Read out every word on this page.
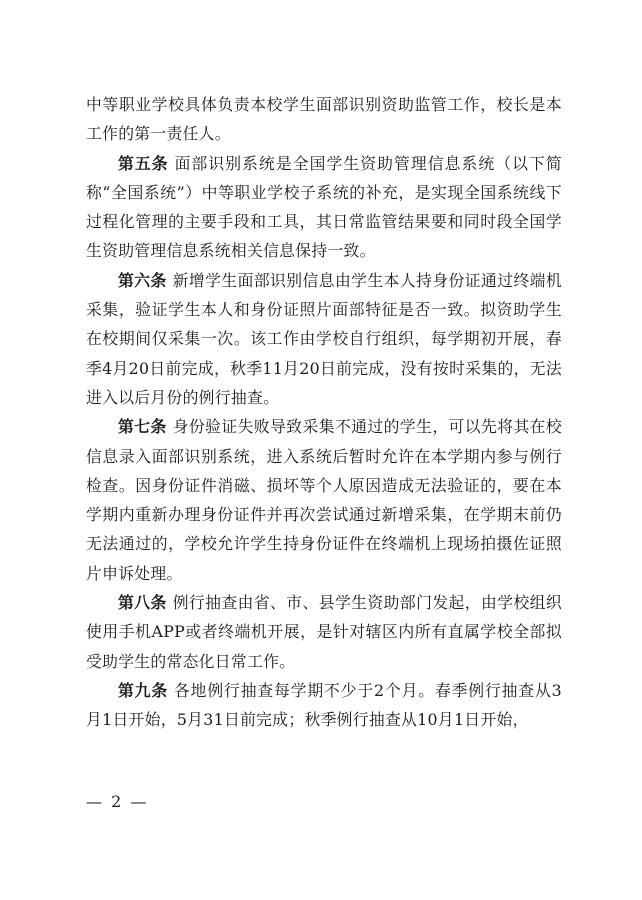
中等职业学校具体负责本校学生面部识别资助监管工作，校长是本工作的第一责任人。

第五条 面部识别系统是全国学生资助管理信息系统（以下简称“全国系统”）中等职业学校子系统的补充，是实现全国系统线下过程化管理的主要手段和工具，其日常监管结果要和同时段全国学生资助管理信息系统相关信息保持一致。

第六条 新增学生面部识别信息由学生本人持身份证通过终端机采集，验证学生本人和身份证照片面部特征是否一致。拟资助学生在校期间仅采集一次。该工作由学校自行组织，每学期初开展，春季4月20日前完成，秋季11月20日前完成，没有按时采集的，无法进入以后月份的例行抽查。

第七条 身份验证失败导致采集不通过的学生，可以先将其在校信息录入面部识别系统，进入系统后暂时允许在本学期内参与例行检查。因身份证件消磁、损坏等个人原因造成无法验证的，要在本学期内重新办理身份证件并再次尝试通过新增采集，在学期末前仍无法通过的，学校允许学生持身份证件在终端机上现场拍摄佐证照片申诉处理。

第八条 例行抽查由省、市、县学生资助部门发起，由学校组织使用手机APP或者终端机开展，是针对辖区内所有直属学校全部拟受助学生的常态化日常工作。

第九条 各地例行抽查每学期不少于2个月。春季例行抽查从3月1日开始，5月31日前完成；秋季例行抽查从10月1日开始，

— 2 —
